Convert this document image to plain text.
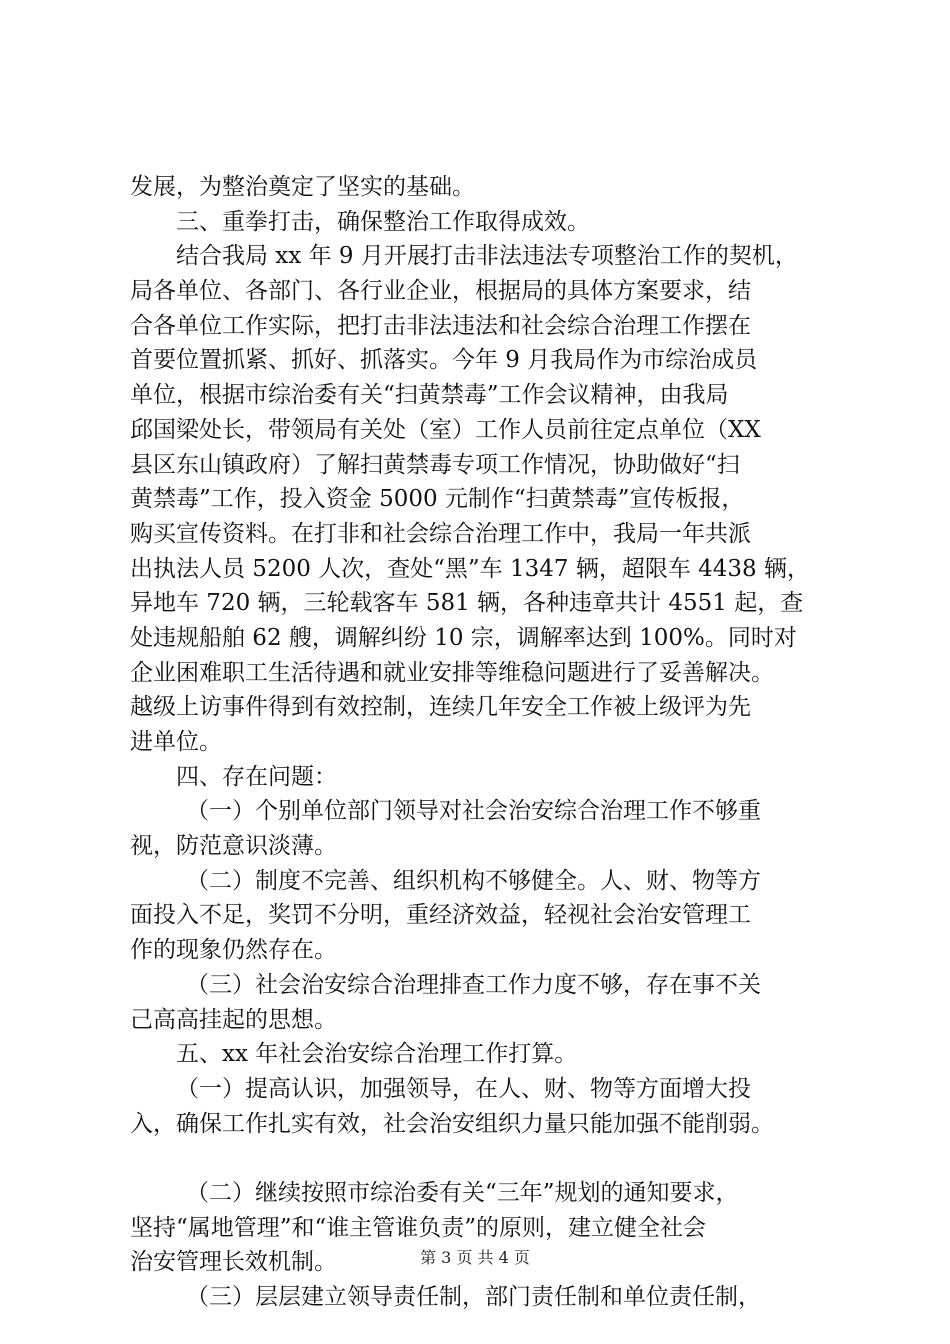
发展，为整治奠定了坚实的基础。
三、重拳打击，确保整治工作取得成效。
结合我局 xx 年 9 月开展打击非法违法专项整治工作的契机，
局各单位、各部门、各行业企业，根据局的具体方案要求，结
合各单位工作实际，把打击非法违法和社会综合治理工作摆在
首要位置抓紧、抓好、抓落实。今年 9 月我局作为市综治成员
单位，根据市综治委有关“扫黄禁毒”工作会议精神，由我局
邱国梁处长，带领局有关处（室）工作人员前往定点单位（XX
县区东山镇政府）了解扫黄禁毒专项工作情况，协助做好“扫
黄禁毒”工作，投入资金 5000 元制作“扫黄禁毒”宣传板报，
购买宣传资料。在打非和社会综合治理工作中，我局一年共派
出执法人员 5200 人次，查处“黑”车 1347 辆，超限车 4438 辆，
异地车 720 辆，三轮载客车 581 辆，各种违章共计 4551 起，查
处违规船舶 62 艘，调解纠纷 10 宗，调解率达到 100%。同时对
企业困难职工生活待遇和就业安排等维稳问题进行了妥善解决。
越级上访事件得到有效控制，连续几年安全工作被上级评为先
进单位。
四、存在问题：
（一）个别单位部门领导对社会治安综合治理工作不够重
视，防范意识淡薄。
（二）制度不完善、组织机构不够健全。人、财、物等方
面投入不足，奖罚不分明，重经济效益，轻视社会治安管理工
作的现象仍然存在。
（三）社会治安综合治理排查工作力度不够，存在事不关
己高高挂起的思想。
五、xx 年社会治安综合治理工作打算。
（一）提高认识，加强领导，在人、财、物等方面增大投
入，确保工作扎实有效，社会治安组织力量只能加强不能削弱。
（二）继续按照市综治委有关“三年”规划的通知要求，
坚持“属地管理”和“谁主管谁负责”的原则，建立健全社会
治安管理长效机制。
（三）层层建立领导责任制，部门责任制和单位责任制，
第 3 页 共 4 页
